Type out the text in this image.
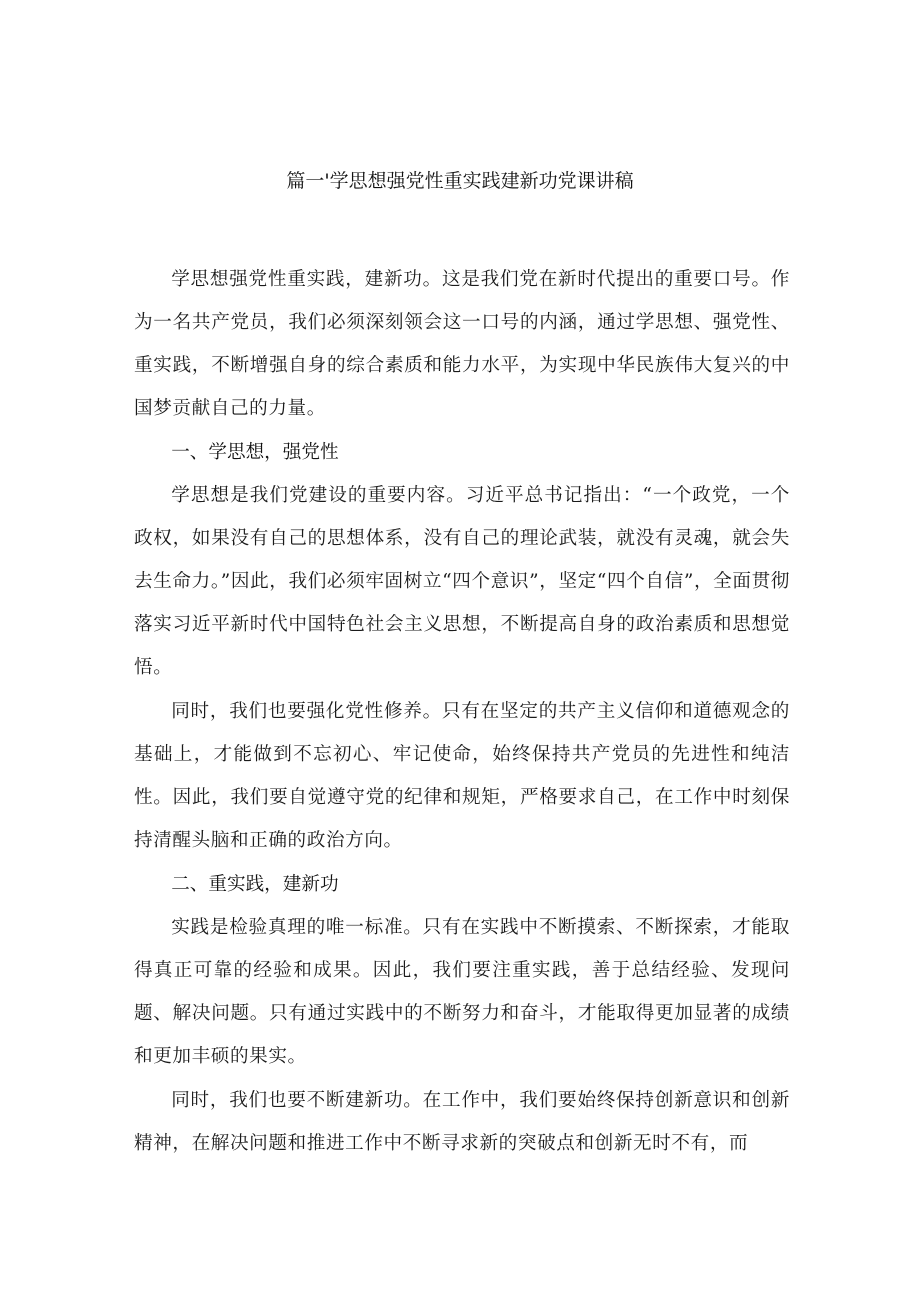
篇一'学思想强党性重实践建新功党课讲稿

学思想强党性重实践，建新功。这是我们党在新时代提出的重要口号。作为一名共产党员，我们必须深刻领会这一口号的内涵，通过学思想、强党性、重实践，不断增强自身的综合素质和能力水平，为实现中华民族伟大复兴的中国梦贡献自己的力量。

一、学思想，强党性

学思想是我们党建设的重要内容。习近平总书记指出：“一个政党，一个政权，如果没有自己的思想体系，没有自己的理论武装，就没有灵魂，就会失去生命力。”因此，我们必须牢固树立“四个意识”，坚定“四个自信”，全面贯彻落实习近平新时代中国特色社会主义思想，不断提高自身的政治素质和思想觉悟。

同时，我们也要强化党性修养。只有在坚定的共产主义信仰和道德观念的基础上，才能做到不忘初心、牢记使命，始终保持共产党员的先进性和纯洁性。因此，我们要自觉遵守党的纪律和规矩，严格要求自己，在工作中时刻保持清醒头脑和正确的政治方向。

二、重实践，建新功

实践是检验真理的唯一标准。只有在实践中不断摸索、不断探索，才能取得真正可靠的经验和成果。因此，我们要注重实践，善于总结经验、发现问题、解决问题。只有通过实践中的不断努力和奋斗，才能取得更加显著的成绩和更加丰硕的果实。

同时，我们也要不断建新功。在工作中，我们要始终保持创新意识和创新精神，在解决问题和推进工作中不断寻求新的突破点和创新无时不有，而
